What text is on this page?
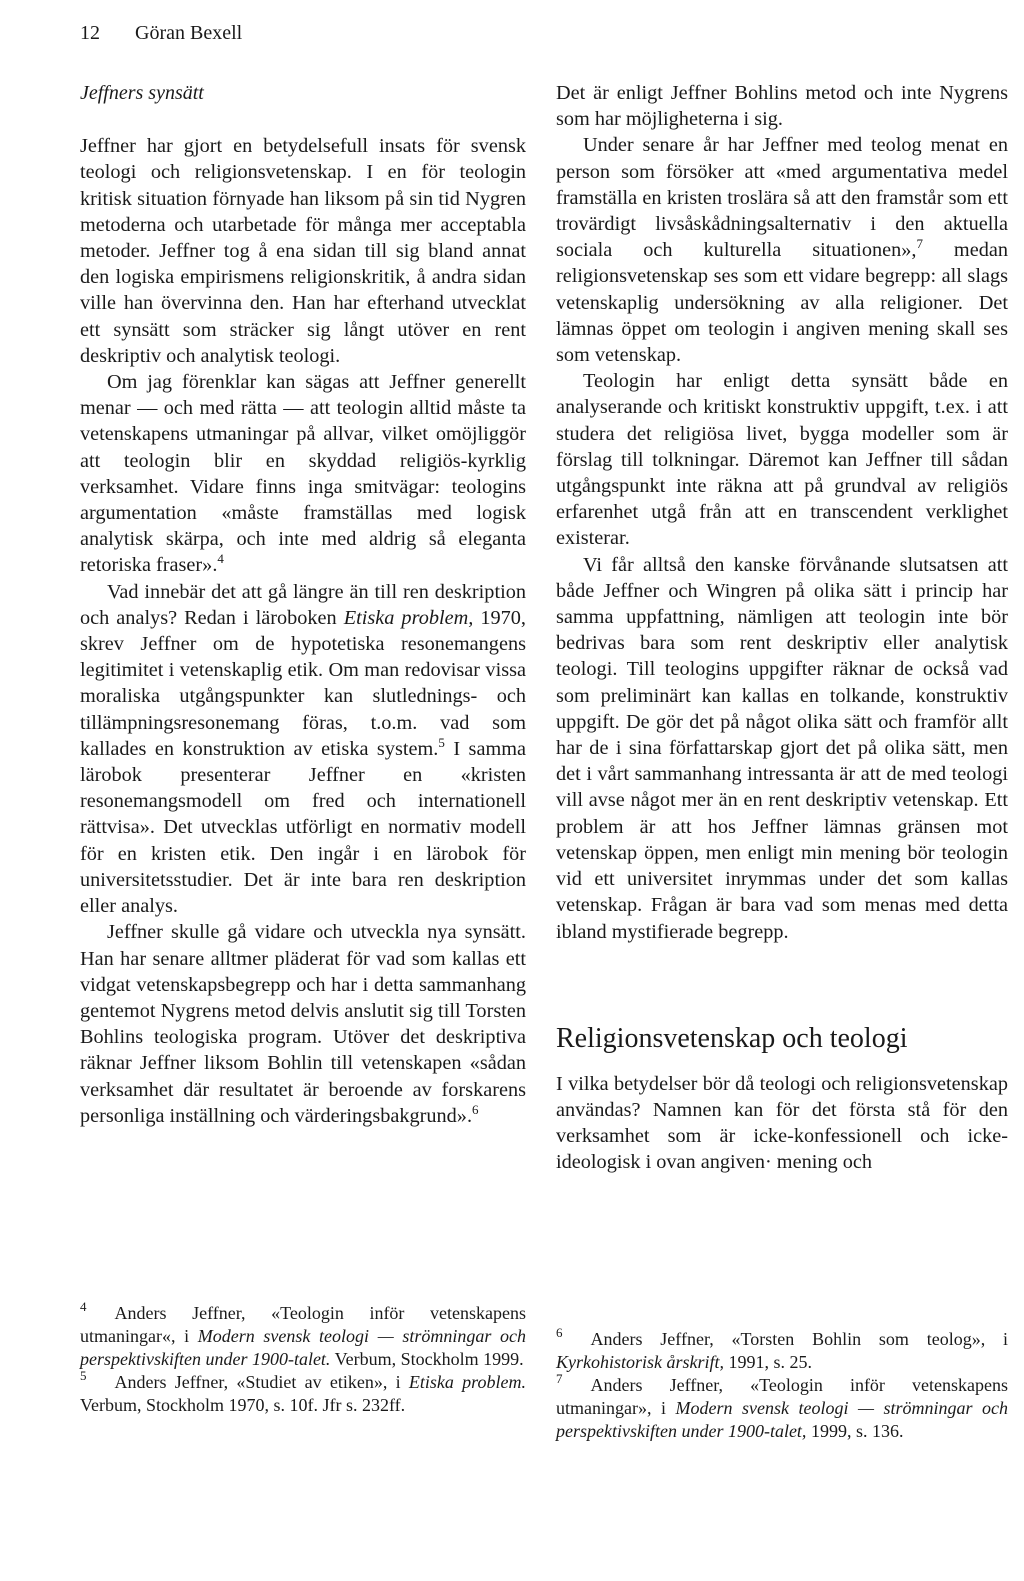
12 Göran Bexell
Jeffners synsätt

Jeffner har gjort en betydelsefull insats för svensk teologi och religionsvetenskap. I en för teologin kritisk situation förnyade han liksom på sin tid Nygren metoderna och utarbetade för många mer acceptabla metoder. Jeffner tog å ena sidan till sig bland annat den logiska empirismens religionskritik, å andra sidan ville han övervinna den. Han har efterhand utvecklat ett synsätt som sträcker sig långt utöver en rent deskriptiv och analytisk teologi.

Om jag förenklar kan sägas att Jeffner generellt menar — och med rätta — att teologin alltid måste ta vetenskapens utmaningar på allvar, vilket omöjliggör att teologin blir en skyddad religiös-kyrklig verksamhet. Vidare finns inga smitvägar: teologins argumentation «måste framställas med logisk analytisk skärpa, och inte med aldrig så eleganta retoriska fraser».$^4$

Vad innebär det att gå längre än till ren deskription och analys? Redan i läroboken Etiska problem, 1970, skrev Jeffner om de hypotetiska resonemangens legitimitet i vetenskaplig etik. Om man redovisar vissa moraliska utgångspunkter kan slutlednings- och tillämpningsresonemang föras, t.o.m. vad som kallades en konstruktion av etiska system.$^5$ I samma lärobok presenterar Jeffner en «kristen resonemangsmodell om fred och internationell rättvisa». Det utvecklas utförligt en normativ modell för en kristen etik. Den ingår i en lärobok för universitetsstudier. Det är inte bara ren deskription eller analys.

Jeffner skulle gå vidare och utveckla nya synsätt. Han har senare alltmer pläderat för vad som kallas ett vidgat vetenskapsbegrepp och har i detta sammanhang gentemot Nygrens metod delvis anslutit sig till Torsten Bohlins teologiska program. Utöver det deskriptiva räknar Jeffner liksom Bohlin till vetenskapen «sådan verksamhet där resultatet är beroende av forskarens personliga inställning och värderingsbakgrund».$^6$

Det är enligt Jeffner Bohlins metod och inte Nygrens som har möjligheterna i sig.

Under senare år har Jeffner med teolog menat en person som försöker att «med argumentativa medel framställa en kristen troslära så att den framstår som ett trovärdigt livsåskådningsalternativ i den aktuella sociala och kulturella situationen»,$^7$ medan religionsvetenskap ses som ett vidare begrepp: all slags vetenskaplig undersökning av alla religioner. Det lämnas öppet om teologin i angiven mening skall ses som vetenskap.

Teologin har enligt detta synsätt både en analyserande och kritiskt konstruktiv uppgift, t.ex. i att studera det religiösa livet, bygga modeller som är förslag till tolkningar. Däremot kan Jeffner till sådan utgångspunkt inte räkna att på grundval av religiös erfarenhet utgå från att en transcendent verklighet existerar.

Vi får alltså den kanske förvånande slutsatsen att både Jeffner och Wingren på olika sätt i princip har samma uppfattning, nämligen att teologin inte bör bedrivas bara som rent deskriptiv eller analytisk teologi. Till teologins uppgifter räknar de också vad som preliminärt kan kallas en tolkande, konstruktiv uppgift. De gör det på något olika sätt och framför allt har de i sina författarskap gjort det på olika sätt, men det i vårt sammanhang intressanta är att de med teologi vill avse något mer än en rent deskriptiv vetenskap. Ett problem är att hos Jeffner lämnas gränsen mot vetenskap öppen, men enligt min mening bör teologin vid ett universitet inrymmas under det som kallas vetenskap. Frågan är bara vad som menas med detta ibland mystifierade begrepp.

Religionsvetenskap och teologi

I vilka betydelser bör då teologi och religionsvetenskap användas? Namnen kan för det första stå för den verksamhet som är icke-konfessionell och icke-ideologisk i ovan angiven· mening och

$^4$ Anders Jeffner, «Teologin inför vetenskapens utmaningar«, i Modern svensk teologi — strömningar och perspektivskiften under 1900-talet. Verbum, Stockholm 1999.

$^5$ Anders Jeffner, «Studiet av etiken», i Etiska problem. Verbum, Stockholm 1970, s. 10f. Jfr s. 232ff.

$^6$ Anders Jeffner, «Torsten Bohlin som teolog», i Kyrkohistorisk årskrift, 1991, s. 25.

$^7$ Anders Jeffner, «Teologin inför vetenskapens utmaningar», i Modern svensk teologi — strömningar och perspektivskiften under 1900-talet, 1999, s. 136.
